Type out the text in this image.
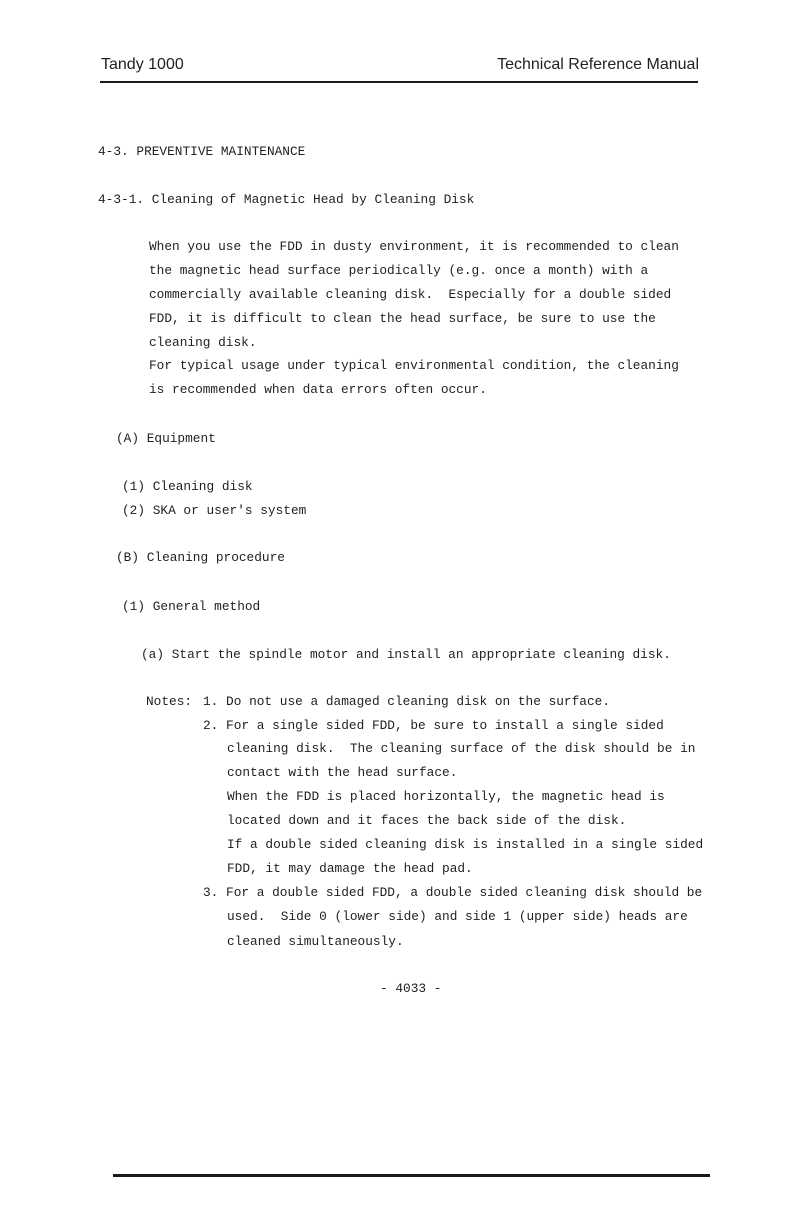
Tandy 1000	Technical Reference Manual
4-3. PREVENTIVE MAINTENANCE
4-3-1. Cleaning of Magnetic Head by Cleaning Disk
When you use the FDD in dusty environment, it is recommended to clean
the magnetic head surface periodically (e.g. once a month) with a
commercially available cleaning disk.  Especially for a double sided
FDD, it is difficult to clean the head surface, be sure to use the
cleaning disk.
For typical usage under typical environmental condition, the cleaning
is recommended when data errors often occur.
(A) Equipment
(1) Cleaning disk
(2) SKA or user's system
(B) Cleaning procedure
(1) General method
(a) Start the spindle motor and install an appropriate cleaning disk.
Notes: 1. Do not use a damaged cleaning disk on the surface.
2. For a single sided FDD, be sure to install a single sided
cleaning disk.  The cleaning surface of the disk should be in
contact with the head surface.
When the FDD is placed horizontally, the magnetic head is
located down and it faces the back side of the disk.
If a double sided cleaning disk is installed in a single sided
FDD, it may damage the head pad.
3. For a double sided FDD, a double sided cleaning disk should be
used.  Side 0 (lower side) and side 1 (upper side) heads are
cleaned simultaneously.
- 4033 -
